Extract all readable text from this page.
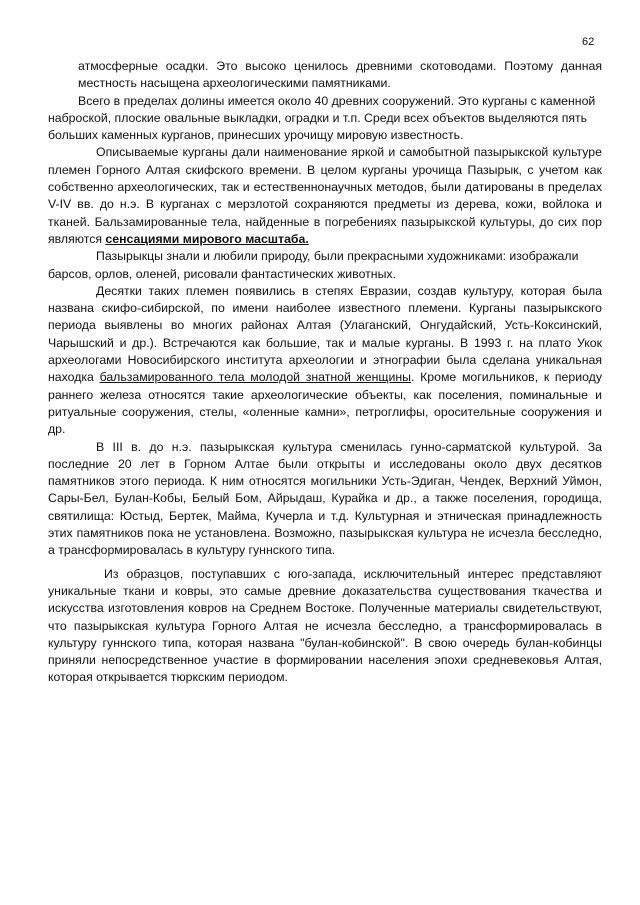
62

атмосферные осадки. Это высоко ценилось древними скотоводами. Поэтому данная местность насыщена археологическими памятниками.

Всего в пределах долины имеется около 40 древних сооружений. Это курганы с каменной наброской, плоские овальные выкладки, оградки и т.п. Среди всех объектов выделяются пять больших каменных курганов, принесших урочищу мировую известность.

Описываемые курганы дали наименование яркой и самобытной пазырыкской культуре племен Горного Алтая скифского времени. В целом курганы урочища Пазырык, с учетом как собственно археологических, так и естественнонаучных методов, были датированы в пределах V-IV вв. до н.э. В курганах с мерзлотой сохраняются предметы из дерева, кожи, войлока и тканей. Бальзамированные тела, найденные в погребениях пазырыкской культуры, до сих пор являются сенсациями мирового масштаба.

Пазырыкцы знали и любили природу, были прекрасными художниками: изображали барсов, орлов, оленей, рисовали фантастических животных.

Десятки таких племен появились в степях Евразии, создав культуру, которая была названа скифо-сибирской, по имени наиболее известного племени. Курганы пазырыкского периода выявлены во многих районах Алтая (Улаганский, Онгудайский, Усть-Коксинский, Чарышский и др.). Встречаются как большие, так и малые курганы. В 1993 г. на плато Укок археологами Новосибирского института археологии и этнографии была сделана уникальная находка бальзамированного тела молодой знатной женщины. Кроме могильников, к периоду раннего железа относятся такие археологические объекты, как поселения, поминальные и ритуальные сооружения, стелы, «оленные камни», петроглифы, оросительные сооружения и др.

В III в. до н.э. пазырыкская культура сменилась гунно-сарматской культурой. За последние 20 лет в Горном Алтае были открыты и исследованы около двух десятков памятников этого периода. К ним относятся могильники Усть-Эдиган, Чендек, Верхний Уймон, Сары-Бел, Булан-Кобы, Белый Бом, Айрыдаш, Курайка и др., а также поселения, городища, святилища: Юстыд, Бертек, Майма, Кучерла и т.д. Культурная и этническая принадлежность этих памятников пока не установлена. Возможно, пазырыкская культура не исчезла бесследно, а трансформировалась в культуру гуннского типа.

Из образцов, поступавших с юго-запада, исключительный интерес представляют уникальные ткани и ковры, это самые древние доказательства существования ткачества и искусства изготовления ковров на Среднем Востоке. Полученные материалы свидетельствуют, что пазырыкская культура Горного Алтая не исчезла бесследно, а трансформировалась в культуру гуннского типа, которая названа "булан-кобинской". В свою очередь булан-кобинцы приняли непосредственное участие в формировании населения эпохи средневековья Алтая, которая открывается тюркским периодом.
